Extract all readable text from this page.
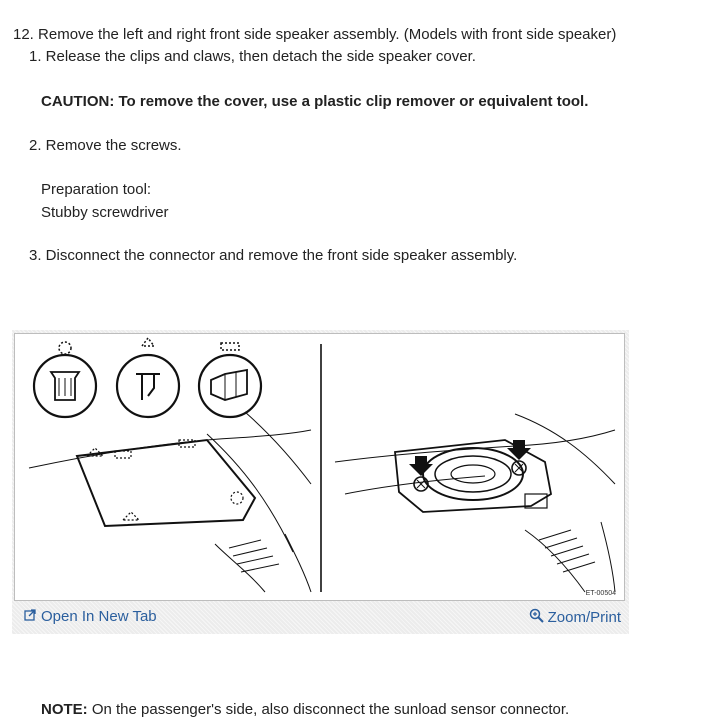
12. Remove the left and right front side speaker assembly. (Models with front side speaker)
1. Release the clips and claws, then detach the side speaker cover.
CAUTION: To remove the cover, use a plastic clip remover or equivalent tool.
2. Remove the screws.
Preparation tool:
Stubby screwdriver
3. Disconnect the connector and remove the front side speaker assembly.
ET-00504
Open In New Tab	Zoom/Print
NOTE: On the passenger's side, also disconnect the sunload sensor connector.
